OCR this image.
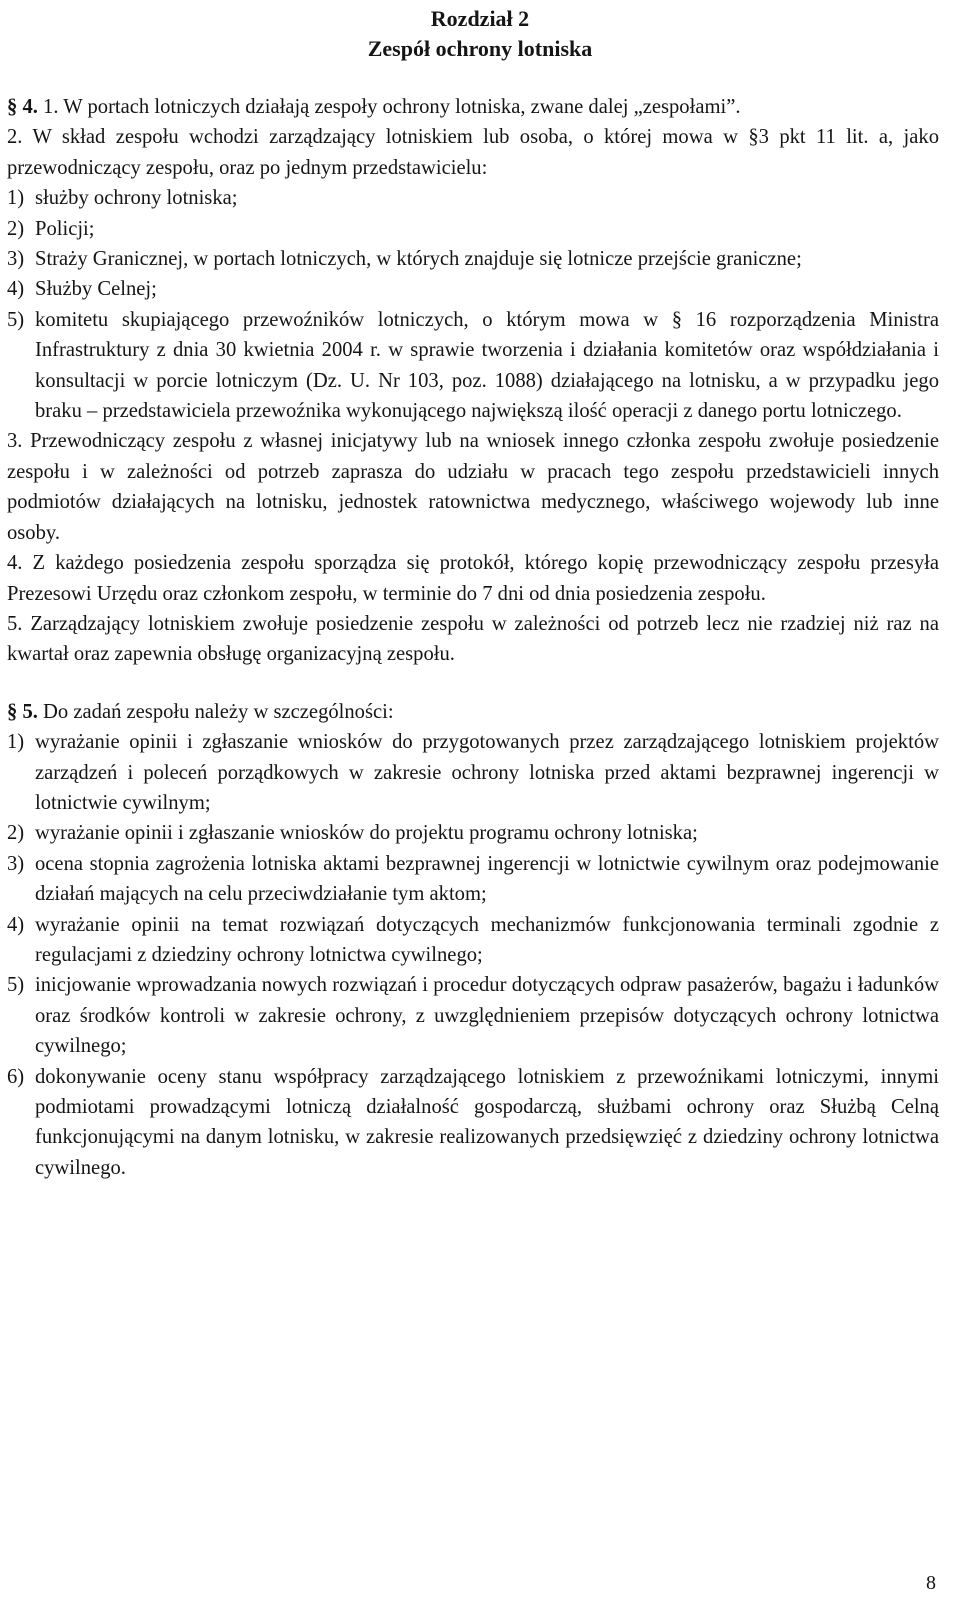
Rozdział 2
Zespół ochrony lotniska

§ 4. 1. W portach lotniczych działają zespoły ochrony lotniska, zwane dalej „zespołami”.

2. W skład zespołu wchodzi zarządzający lotniskiem lub osoba, o której mowa w §3 pkt 11 lit. a, jako przewodniczący zespołu, oraz po jednym przedstawicielu:

1) służby ochrony lotniska;
2) Policji;
3) Straży Granicznej, w portach lotniczych, w których znajduje się lotnicze przejście graniczne;
4) Służby Celnej;
5) komitetu skupiającego przewoźników lotniczych, o którym mowa w § 16 rozporządzenia Ministra Infrastruktury z dnia 30 kwietnia 2004 r. w sprawie tworzenia i działania komitetów oraz współdziałania i konsultacji w porcie lotniczym (Dz. U. Nr 103, poz. 1088) działającego na lotnisku, a w przypadku jego braku – przedstawiciela przewoźnika wykonującego największą ilość operacji z danego portu lotniczego.

3. Przewodniczący zespołu z własnej inicjatywy lub na wniosek innego członka zespołu zwołuje posiedzenie zespołu i w zależności od potrzeb zaprasza do udziału w pracach tego zespołu przedstawicieli innych podmiotów działających na lotnisku, jednostek ratownictwa medycznego, właściwego wojewody lub inne osoby.

4. Z każdego posiedzenia zespołu sporządza się protokół, którego kopię przewodniczący zespołu przesyła Prezesowi Urzędu oraz członkom zespołu, w terminie do 7 dni od dnia posiedzenia zespołu.

5. Zarządzający lotniskiem zwołuje posiedzenie zespołu w zależności od potrzeb lecz nie rzadziej niż raz na kwartał oraz zapewnia obsługę organizacyjną zespołu.

§ 5. Do zadań zespołu należy w szczególności:

1) wyrażanie opinii i zgłaszanie wniosków do przygotowanych przez zarządzającego lotniskiem projektów zarządzeń i poleceń porządkowych w zakresie ochrony lotniska przed aktami bezprawnej ingerencji w lotnictwie cywilnym;
2) wyrażanie opinii i zgłaszanie wniosków do projektu programu ochrony lotniska;
3) ocena stopnia zagrożenia lotniska aktami bezprawnej ingerencji w lotnictwie cywilnym oraz podejmowanie działań mających na celu przeciwdziałanie tym aktom;
4) wyrażanie opinii na temat rozwiązań dotyczących mechanizmów funkcjonowania terminali zgodnie z regulacjami z dziedziny ochrony lotnictwa cywilnego;
5) inicjowanie wprowadzania nowych rozwiązań i procedur dotyczących odpraw pasażerów, bagażu i ładunków oraz środków kontroli w zakresie ochrony, z uwzględnieniem przepisów dotyczących ochrony lotnictwa cywilnego;
6) dokonywanie oceny stanu współpracy zarządzającego lotniskiem z przewoźnikami lotniczymi, innymi podmiotami prowadzącymi lotniczą działalność gospodarczą, służbami ochrony oraz Służbą Celną funkcjonującymi na danym lotnisku, w zakresie realizowanych przedsięwzięć z dziedziny ochrony lotnictwa cywilnego.
8
